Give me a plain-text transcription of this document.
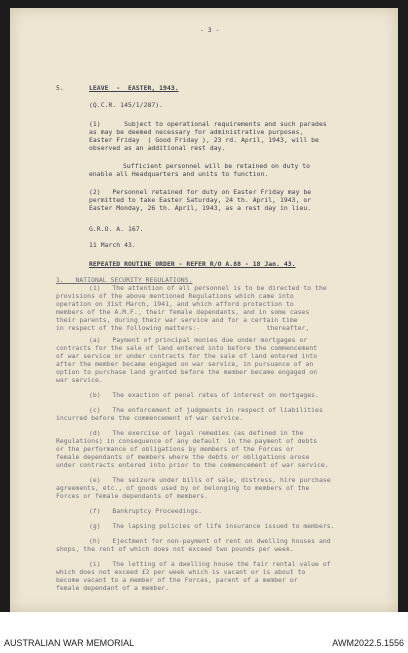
- 3 -
5.	LEAVE  -  EASTER, 1943.
(Q.C.R. 145/1/287).
(1)      Subject to operational requirements and such parades
as may be deemed necessary for administrative purposes,
Easter Friday  ( Good Friday ), 23 rd. April, 1943, will be
observed as an additional rest day.
Sufficient personnel will be retained on duty to
enable all Headquarters and units to function.
(2)   Personnel retained for duty on Easter Friday may be
permitted to take Easter Saturday, 24 th. April, 1943, or
Easter Monday, 26 th. April, 1943, as a rest day in lieu.
G.R.O. A. 167.
11 March 43.
REPEATED ROUTINE ORDER - REFER R/O A.88 - 18 Jan. 43.
1.   NATIONAL SECURITY REGULATIONS.
(1)   The attention of all personnel is to be directed to the
provisions of the above mentioned Regulations which came into
operation on 31st March, 1941, and which afford protection to
members of the A.M.F., their female dependants, and in some cases
their parents, during their war service and for a certain time
in respect of the following matters:-                 thereafter,
(a)   Payment of principal monies due under mortgages or
contracts for the sale of land entered into before the commencement
of war service or under contracts for the sale of land entered into
after the member became engaged on war service, in pursuance of an
option to purchase land granted before the member became engaged on
war service.
(b)   The exaction of penal rates of interest on mortgages.
(c)   The enforcement of judgments in respect of liabilities
incurred before the commencement of war service.
(d)   The exercise of legal remedies (as defined in the
Regulations) in consequence of any default  in the payment of debts
or the performance of obligations by members of the Forces or
female dependants of members where the debts or obligations arose
under contracts entered into prior to the commencement of war service.
(e)   The seizure under bills of sale, distress, hire purchase
agreements, etc., of goods used by or belonging to members of the
Forces or female dependants of members.
(f)   Bankruptcy Proceedings.
(g)   The lapsing policies of life insurance issued to members.
(h)   Ejectment for non-payment of rent on dwelling houses and
shops, the rent of which does not exceed two pounds per week.
(i)   The letting of a dwelling house the fair rental value of
which does not exceed £2 per week which is vacant or is about to
become vacant to a member of the Forces, parent of a member or
female dependant of a member.
AUSTRALIAN WAR MEMORIAL	AWM2022.5.1556
